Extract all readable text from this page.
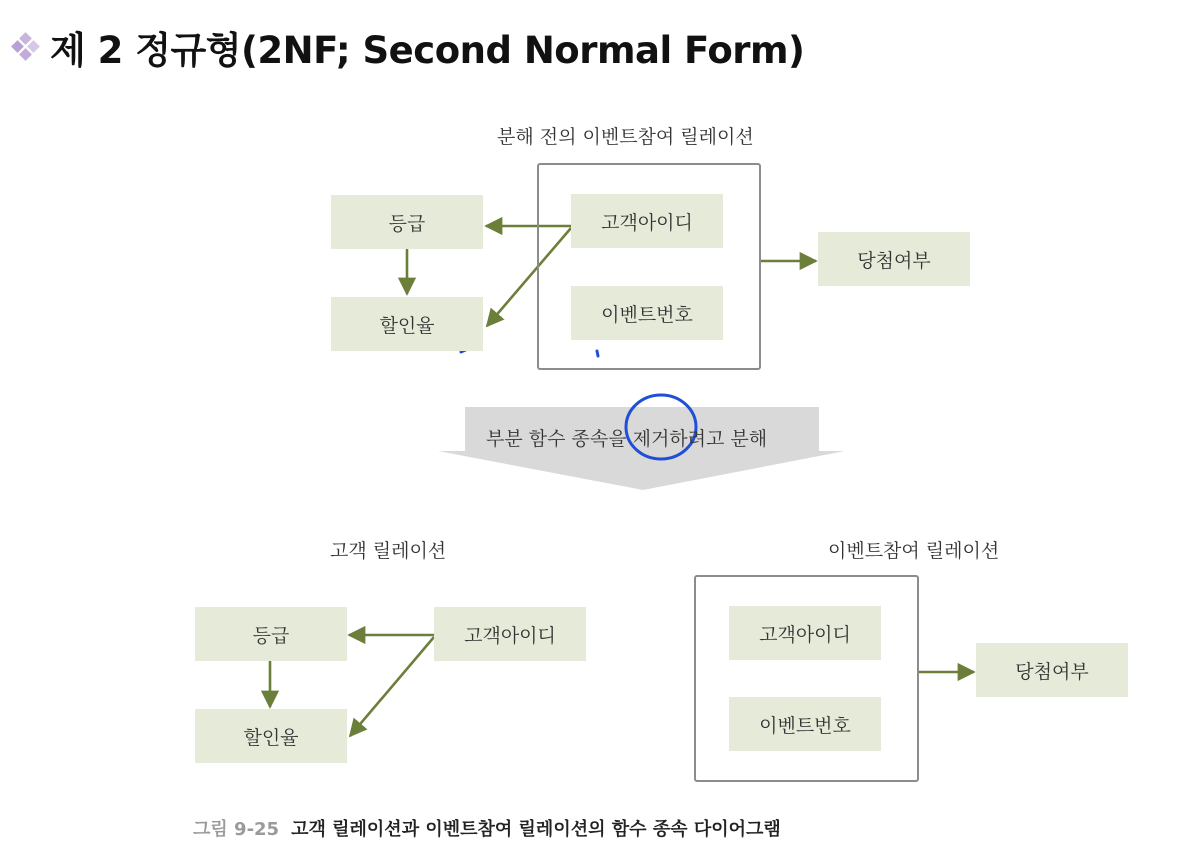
제 2 정규형(2NF; Second Normal Form)
분해 전의 이벤트참여 릴레이션
등급
할인율
고객아이디
이벤트번호
당첨여부
부분 함수 종속을 제거하려고 분해
고객 릴레이션
등급
할인율
고객아이디
이벤트참여 릴레이션
고객아이디
이벤트번호
당첨여부
그림 9-25 고객 릴레이션과 이벤트참여 릴레이션의 함수 종속 다이어그램
